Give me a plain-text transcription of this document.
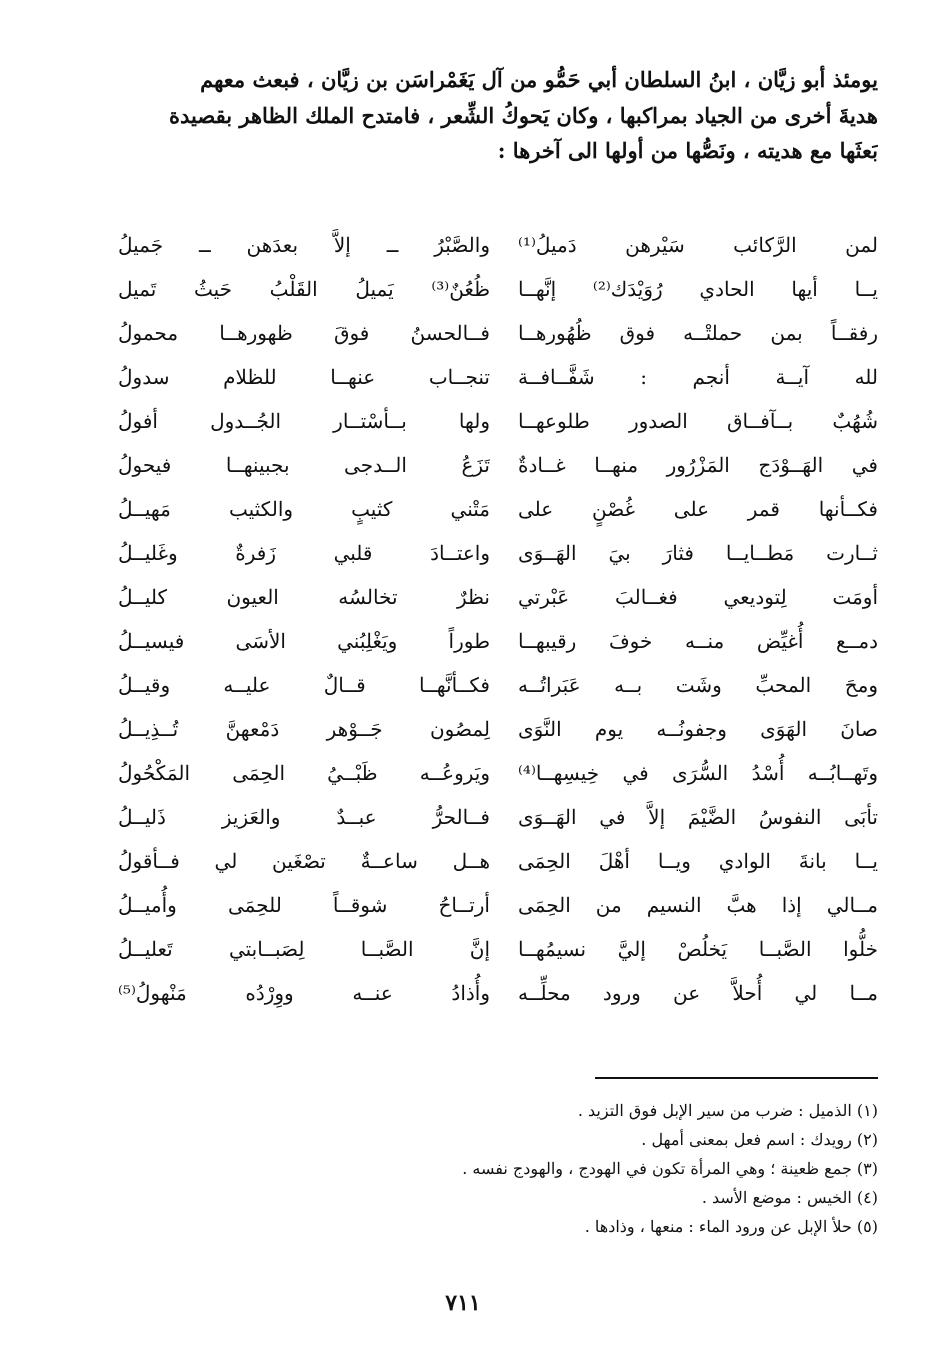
يومئذ أبو زيَّان ، ابنُ السلطان أبي حَمُّو من آل يَغَمْراسَن بن زيَّان ، فبعث معهم
هديةَ أخرى من الجياد بمراكبها ، وكان يَحوكُ الشِّعر ، فامتدح الملك الظاهر بقصيدة
بَعثَها مع هديته ، ونَصُّها من أولها الى آخرها :
لمن الرَّكائب سَيْرهن دَميلُ⁽¹⁾
والصَّبْرُ ــ إلاَّ بعدَهن ــ جَميلُ
يــا أيها الحادي رُوَيْدَك⁽²⁾ إنَّهــا
ظُعُنٌ⁽³⁾ يَميلُ القَلْبُ حَيثُ تَميل
رفقــاً بمن حملتْــه فوق ظُهُورهــا
فــالحسنُ فوقَ ظهورهــا محمولُ
لله آيــة أنجم : شَفَّــافــة
تنجــاب عنهــا للظلام سدولُ
شُهُبٌ بــآفــاق الصدور طلوعهــا
ولها بــأسْتــار الجُــدول أفولُ
في الهَــوْدَج المَزْرُور منهــا غــادةٌ
تَزَعُ الــدجى بجبينهــا فيحولُ
فكــأنها قمر على غُصْنٍ على
مَتْني كثيبٍ والكثيب مَهيــلُ
ثــارت مَطــايــا فثارَ بيَ الهَــوَى
واعتــادَ قلبي زَفرةٌ وغَليــلُ
أومَت لِتوديعي فغــالبَ عَبْرتي
نظرٌ تخالسُه العيون كليــلُ
دمــع أُغيِّض منــه خوفَ رقيبهــا
طوراً ويَغْلِبُني الأسَى فيسيــلُ
ومحَ المحبِّ وشَت بــه عَبَراتُــه
فكــأنَّهــا قــالٌ عليــه وقيــلُ
صانَ الهَوَى وجفونُــه يوم النَّوَى
لِمصُون جَــوْهر دَمْعهنَّ تُــذِيــلُ
وتَهــابُــه أُسْدُ السُّرَى في خِيسِهــا⁽⁴⁾
ويَروعُــه ظَبْــيُ الحِمَى المَكْحُولُ
تأبَى النفوسُ الضَّيْمَ إلاَّ في الهَــوَى
فــالحرُّ عبــدٌ والعَزيز ذَليــلُ
يــا بانةَ الوادي ويــا أهْلَ الحِمَى
هــل ساعــةٌ تصْغَين لي فــأقولُ
مــالي إذا هبَّ النسيم من الحِمَى
أرتــاحُ شوقــاً للحِمَى وأُميــلُ
خلُّوا الصَّبــا يَخلُصْ إليَّ نسيمُهــا
إنَّ الصَّبــا لِصَبــابتي تَعليــلُ
مــا لي أُحلاَّ عن ورود محلِّــه
وأُذادُ عنــه ووِرْدُه مَنْهولُ⁽⁵⁾
(١) الذميل : ضرب من سير الإبل فوق التزيد .
(٢) رويدك : اسم فعل بمعنى أمهل .
(٣) جمع ظعينة ؛ وهي المرأة تكون في الهودج ، والهودج نفسه .
(٤) الخيس : موضع الأسد .
(٥) حلأ الإبل عن ورود الماء : منعها ، وذادها .
٧١١
